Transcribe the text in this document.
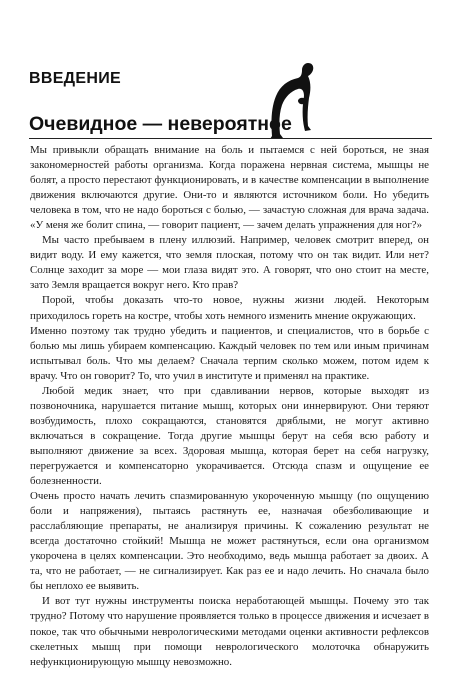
ВВЕДЕНИЕ
Очевидное — невероятное

Мы привыкли обращать внимание на боль и пытаемся с ней бороться, не зная закономерностей работы организма. Когда поражена нервная система, мышцы не болят, а просто перестают функционировать, и в качестве компенсации в выполнение движения включаются другие. Они-то и являются источником боли. Но убедить человека в том, что не надо бороться с болью, — зачастую сложная для врача задача. «У меня же болит спина, — говорит пациент, — зачем делать упражнения для ног?»

Мы часто пребываем в плену иллюзий. Например, человек смотрит вперед, он видит воду. И ему кажется, что земля плоская, потому что он так видит. Или нет? Солнце заходит за море — мои глаза видят это. А говорят, что оно стоит на месте, зато Земля вращается вокруг него. Кто прав?

Порой, чтобы доказать что-то новое, нужны жизни людей. Некоторым приходилось гореть на костре, чтобы хоть немного изменить мнение окружающих.

Именно поэтому так трудно убедить и пациентов, и специалистов, что в борьбе с болью мы лишь убираем компенсацию. Каждый человек по тем или иным причинам испытывал боль. Что мы делаем? Сначала терпим сколько можем, потом идем к врачу. Что он говорит? То, что учил в институте и применял на практике.

Любой медик знает, что при сдавливании нервов, которые выходят из позвоночника, нарушается питание мышц, которых они иннервируют. Они теряют возбудимость, плохо сокращаются, становятся дряблыми, не могут активно включаться в сокращение. Тогда другие мышцы берут на себя всю работу и выполняют движение за всех. Здоровая мышца, которая берет на себя нагрузку, перегружается и компенсаторно укорачивается. Отсюда спазм и ощущение ее болезненности.

Очень просто начать лечить спазмированную укороченную мышцу (по ощущению боли и напряжения), пытаясь растянуть ее, назначая обезболивающие и расслабляющие препараты, не анализируя причины. К сожалению результат не всегда достаточно стойкий! Мышца не может растянуться, если она организмом укорочена в целях компенсации. Это необходимо, ведь мышца работает за двоих. А та, что не работает, — не сигнализирует. Как раз ее и надо лечить. Но сначала было бы неплохо ее выявить.

И вот тут нужны инструменты поиска неработающей мышцы. Почему это так трудно? Потому что нарушение проявляется только в процессе движения и исчезает в покое, так что обычными неврологическими методами оценки активности рефлексов скелетных мышц при помощи неврологического молоточка обнаружить нефункционирующую мышцу невозможно.
